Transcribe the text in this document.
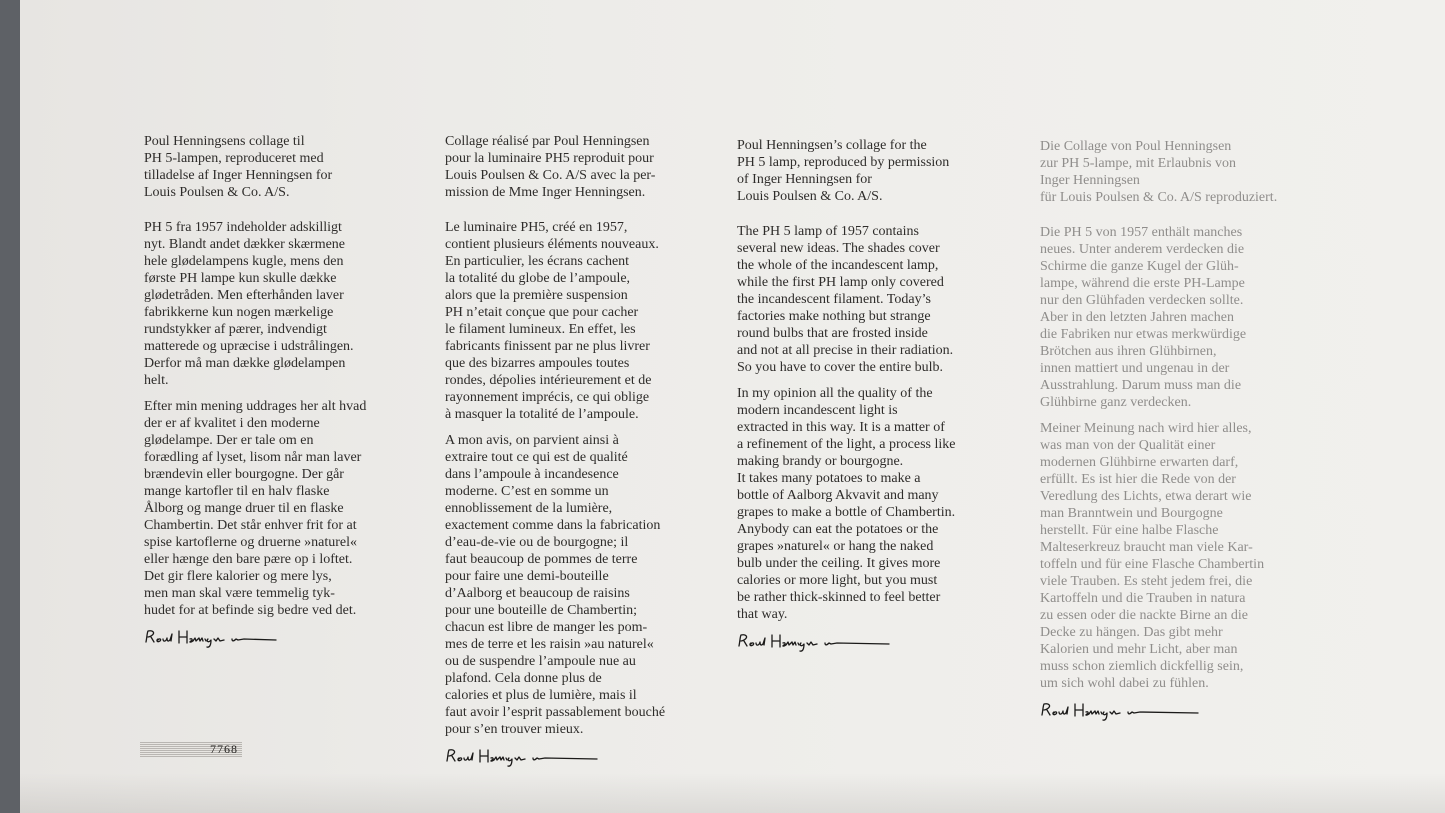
Poul Henningsens collage til
PH 5-lampen, reproduceret med
tilladelse af Inger Henningsen for
Louis Poulsen & Co. A/S.

PH 5 fra 1957 indeholder adskilligt
nyt. Blandt andet dækker skærmene
hele glødelampens kugle, mens den
første PH lampe kun skulle dække
glødetråden. Men efterhånden laver
fabrikkerne kun nogen mærkelige
rundstykker af pærer, indvendigt
matterede og upræcise i udstrålingen.
Derfor må man dække glødelampen
helt.

Efter min mening uddrages her alt hvad
der er af kvalitet i den moderne
glødelampe. Der er tale om en
forædling af lyset, lisom når man laver
brændevin eller bourgogne. Der går
mange kartofler til en halv flaske
Ålborg og mange druer til en flaske
Chambertin. Det står enhver frit for at
spise kartoflerne og druerne »naturel«
eller hænge den bare pære op i loftet.
Det gir flere kalorier og mere lys,
men man skal være temmelig tyk-
hudet for at befinde sig bedre ved det.

Collage réalisé par Poul Henningsen
pour la luminaire PH5 reproduit pour
Louis Poulsen & Co. A/S avec la per-
mission de Mme Inger Henningsen.

Le luminaire PH5, créé en 1957,
contient plusieurs éléments nouveaux.
En particulier, les écrans cachent
la totalité du globe de l’ampoule,
alors que la première suspension
PH n’etait conçue que pour cacher
le filament lumineux. En effet, les
fabricants finissent par ne plus livrer
que des bizarres ampoules toutes
rondes, dépolies intérieurement et de
rayonnement imprécis, ce qui oblige
à masquer la totalité de l’ampoule.

A mon avis, on parvient ainsi à
extraire tout ce qui est de qualité
dans l’ampoule à incandesence
moderne. C’est en somme un
ennoblissement de la lumière,
exactement comme dans la fabrication
d’eau-de-vie ou de bourgogne; il
faut beaucoup de pommes de terre
pour faire une demi-bouteille
d’Aalborg et beaucoup de raisins
pour une bouteille de Chambertin;
chacun est libre de manger les pom-
mes de terre et les raisin »au naturel«
ou de suspendre l’ampoule nue au
plafond. Cela donne plus de
calories et plus de lumière, mais il
faut avoir l’esprit passablement bouché
pour s’en trouver mieux.

Poul Henningsen’s collage for the
PH 5 lamp, reproduced by permission
of Inger Henningsen for
Louis Poulsen & Co. A/S.

The PH 5 lamp of 1957 contains
several new ideas. The shades cover
the whole of the incandescent lamp,
while the first PH lamp only covered
the incandescent filament. Today’s
factories make nothing but strange
round bulbs that are frosted inside
and not at all precise in their radiation.
So you have to cover the entire bulb.

In my opinion all the quality of the
modern incandescent light is
extracted in this way. It is a matter of
a refinement of the light, a process like
making brandy or bourgogne.
It takes many potatoes to make a
bottle of Aalborg Akvavit and many
grapes to make a bottle of Chambertin.
Anybody can eat the potatoes or the
grapes »naturel« or hang the naked
bulb under the ceiling. It gives more
calories or more light, but you must
be rather thick-skinned to feel better
that way.

Die Collage von Poul Henningsen
zur PH 5-lampe, mit Erlaubnis von
Inger Henningsen
für Louis Poulsen & Co. A/S reproduziert.

Die PH 5 von 1957 enthält manches
neues. Unter anderem verdecken die
Schirme die ganze Kugel der Glüh-
lampe, während die erste PH-Lampe
nur den Glühfaden verdecken sollte.
Aber in den letzten Jahren machen
die Fabriken nur etwas merkwürdige
Brötchen aus ihren Glühbirnen,
innen mattiert und ungenau in der
Ausstrahlung. Darum muss man die
Glühbirne ganz verdecken.

Meiner Meinung nach wird hier alles,
was man von der Qualität einer
modernen Glühbirne erwarten darf,
erfüllt. Es ist hier die Rede von der
Veredlung des Lichts, etwa derart wie
man Branntwein und Bourgogne
herstellt. Für eine halbe Flasche
Malteserkreuz braucht man viele Kar-
toffeln und für eine Flasche Chambertin
viele Trauben. Es steht jedem frei, die
Kartoffeln und die Trauben in natura
zu essen oder die nackte Birne an die
Decke zu hängen. Das gibt mehr
Kalorien und mehr Licht, aber man
muss schon ziemlich dickfellig sein,
um sich wohl dabei zu fühlen.

7768
